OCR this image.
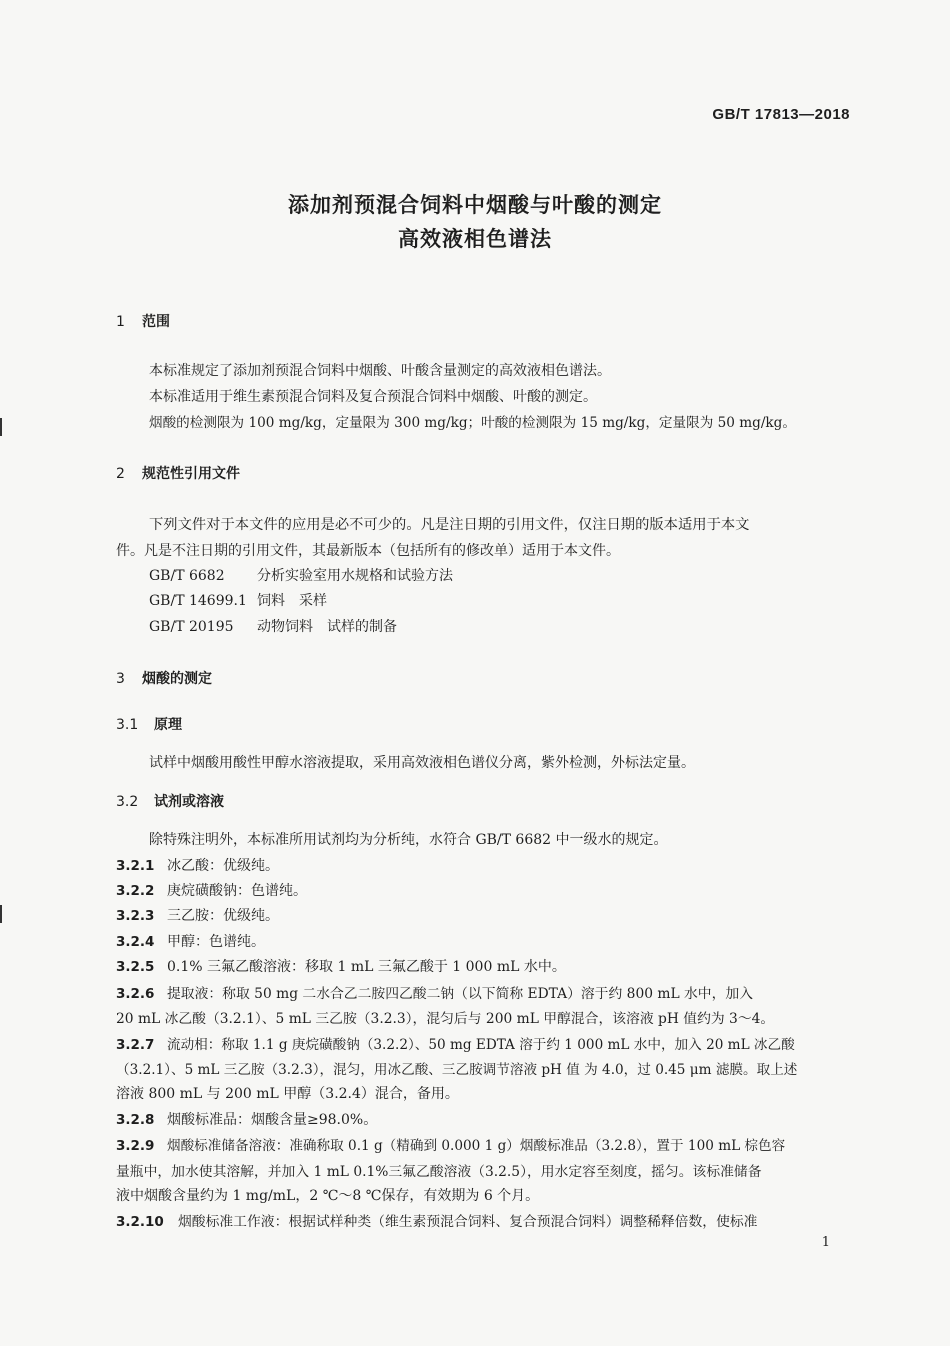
GB/T 17813—2018
添加剂预混合饲料中烟酸与叶酸的测定
高效液相色谱法
1 范围
本标准规定了添加剂预混合饲料中烟酸、叶酸含量测定的高效液相色谱法。
本标准适用于维生素预混合饲料及复合预混合饲料中烟酸、叶酸的测定。
烟酸的检测限为 100 mg/kg，定量限为 300 mg/kg；叶酸的检测限为 15 mg/kg，定量限为 50 mg/kg。
2 规范性引用文件
下列文件对于本文件的应用是必不可少的。凡是注日期的引用文件，仅注日期的版本适用于本文
件。凡是不注日期的引用文件，其最新版本（包括所有的修改单）适用于本文件。
GB/T 6682 分析实验室用水规格和试验方法
GB/T 14699.1 饲料　采样
GB/T 20195 动物饲料　试样的制备
3 烟酸的测定
3.1 原理
试样中烟酸用酸性甲醇水溶液提取，采用高效液相色谱仪分离，紫外检测，外标法定量。
3.2 试剂或溶液
除特殊注明外，本标准所用试剂均为分析纯，水符合 GB/T 6682 中一级水的规定。
3.2.1 冰乙酸：优级纯。
3.2.2 庚烷磺酸钠：色谱纯。
3.2.3 三乙胺：优级纯。
3.2.4 甲醇：色谱纯。
3.2.5 0.1% 三氟乙酸溶液：移取 1 mL 三氟乙酸于 1 000 mL 水中。
3.2.6 提取液：称取 50 mg 二水合乙二胺四乙酸二钠（以下简称 EDTA）溶于约 800 mL 水中，加入
20 mL 冰乙酸（3.2.1）、5 mL 三乙胺（3.2.3），混匀后与 200 mL 甲醇混合，该溶液 pH 值约为 3～4。
3.2.7 流动相：称取 1.1 g 庚烷磺酸钠（3.2.2）、50 mg EDTA 溶于约 1 000 mL 水中，加入 20 mL 冰乙酸
（3.2.1）、5 mL 三乙胺（3.2.3），混匀，用冰乙酸、三乙胺调节溶液 pH 值 为 4.0，过 0.45 μm 滤膜。取上述
溶液 800 mL 与 200 mL 甲醇（3.2.4）混合，备用。
3.2.8 烟酸标准品：烟酸含量≥98.0%。
3.2.9 烟酸标准储备溶液：准确称取 0.1 g（精确到 0.000 1 g）烟酸标准品（3.2.8），置于 100 mL 棕色容
量瓶中，加水使其溶解，并加入 1 mL 0.1%三氟乙酸溶液（3.2.5），用水定容至刻度，摇匀。该标准储备
液中烟酸含量约为 1 mg/mL，2 ℃～8 ℃保存，有效期为 6 个月。
3.2.10 烟酸标准工作液：根据试样种类（维生素预混合饲料、复合预混合饲料）调整稀释倍数，使标准
1
